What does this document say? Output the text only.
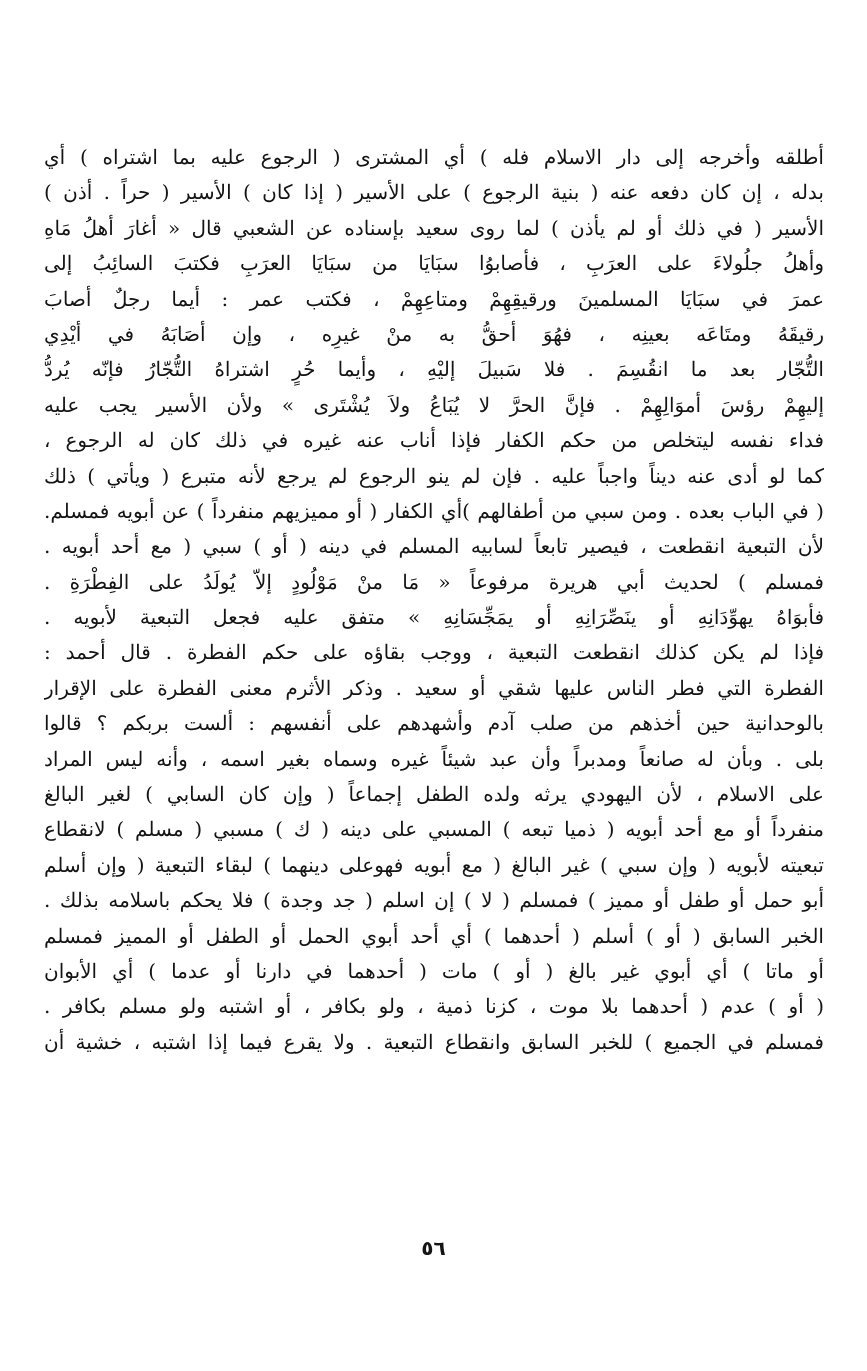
أطلقه وأخرجه إلى دار الاسلام فله ) أي المشترى ( الرجوع عليه بما اشتراه ) أي
بدله ، إن كان دفعه عنه ( بنية الرجوع ) على الأسير ( إذا كان ) الأسير ( حراً . أذن )
الأسير ( في ذلك أو لم يأذن ) لما روى سعيد بإسناده عن الشعبي قال « أغارَ أهلُ مَاهِ
وأهلُ جلُولاءَ على العرَبِ ، فأصابوُا سبَايَا من سبَايَا العرَبِ فكتبَ السائِبُ إلى
عمرَ في سبَايَا المسلمينَ ورقيقِهِمْ ومتاعِهِمْ ، فكتب عمر : أيما رجلٌ أصابَ
رقيقَهُ ومتَاعَه بعينِه ، فهُوَ أحقُّ به منْ غيرِه ، وإن أصَابَهُ في أيْدِي
التُّجّار بعد ما انقُسِمَ . فلا سَبيلَ إليْهِ ، وأيما حُرٍ اشتراهُ التُّجّارُ فإنّه يُردُّ
إليهِمْ رؤسَ أموَالِهِمْ . فإنَّ الحرَّ لا يُبَاعُ ولاَ يُشْتَرى » ولأن الأسير يجب عليه
فداء نفسه ليتخلص من حكم الكفار فإذا أناب عنه غيره في ذلك كان له الرجوع ،
كما لو أدى عنه ديناً واجباً عليه . فإن لم ينو الرجوع لم يرجع لأنه متبرع ( ويأتي ) ذلك
( في الباب بعده . ومن سبي من أطفالهم )أي الكفار ( أو مميزيهم منفرداً ) عن أبويه فمسلم.
لأن التبعية انقطعت ، فيصير تابعاً لسابيه المسلم في دينه ( أو ) سبي ( مع أحد أبويه .
فمسلم ) لحديث أبي هريرة مرفوعاً « مَا منْ مَوْلُودٍ إلاّ يُولَدُ على الفِطْرَةِ .
فأبوَاهُ يهوِّدَانِهِ أو ينَصِّرَانِهِ أو يمَجِّسَانِهِ » متفق عليه فجعل التبعية لأبويه .
فإذا لم يكن كذلك انقطعت التبعية ، ووجب بقاؤه على حكم الفطرة . قال أحمد :
الفطرة التي فطر الناس عليها شقي أو سعيد . وذكر الأثرم معنى الفطرة على الإقرار
بالوحدانية حين أخذهم من صلب آدم وأشهدهم على أنفسهم : ألست بربكم ؟ قالوا
بلى . وبأن له صانعاً ومدبراً وأن عبد شيئاً غيره وسماه بغير اسمه ، وأنه ليس المراد
على الاسلام ، لأن اليهودي يرثه ولده الطفل إجماعاً ( وإن كان السابي ) لغير البالغ
منفرداً أو مع أحد أبويه ( ذميا تبعه ) المسبي على دينه ( ك ) مسبي ( مسلم ) لانقطاع
تبعيته لأبويه ( وإن سبي ) غير البالغ ( مع أبويه فهوعلى دينهما ) لبقاء التبعية ( وإن أسلم
أبو حمل أو طفل أو مميز ) فمسلم ( لا ) إن اسلم ( جد وجدة ) فلا يحكم باسلامه بذلك .
الخبر السابق ( أو ) أسلم ( أحدهما ) أي أحد أبوي الحمل أو الطفل أو المميز فمسلم
أو ماتا ) أي أبوي غير بالغ ( أو ) مات ( أحدهما في دارنا أو عدما ) أي الأبوان
( أو ) عدم ( أحدهما بلا موت ، كزنا ذمية ، ولو بكافر ، أو اشتبه ولو مسلم بكافر .
فمسلم في الجميع ) للخبر السابق وانقطاع التبعية . ولا يقرع فيما إذا اشتبه ، خشية أن
٥٦
